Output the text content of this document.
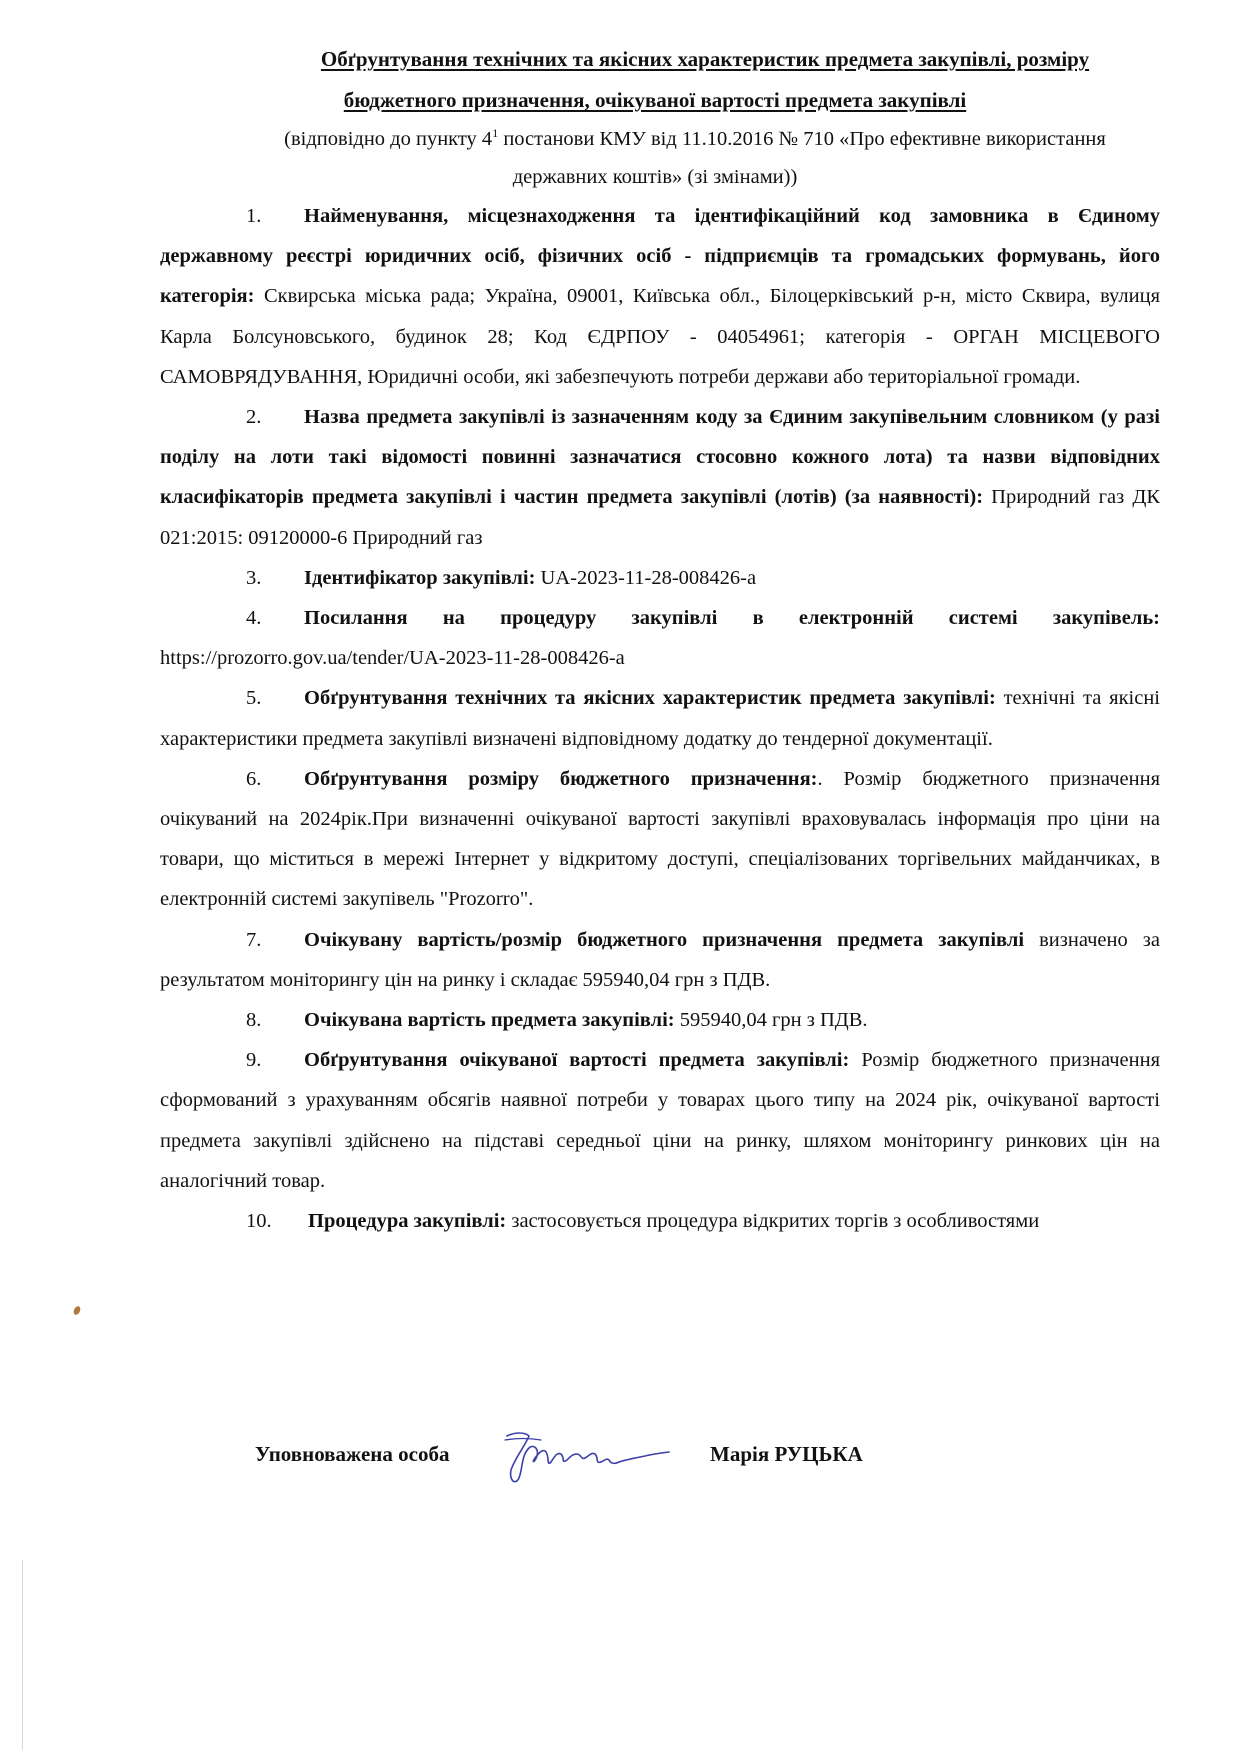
Обґрунтування технічних та якісних характеристик предмета закупівлі, розміру
бюджетного призначення, очікуваної вартості предмета закупівлі
(відповідно до пункту $4^1$ постанови КМУ від 11.10.2016 № 710 «Про ефективне використання
державних коштів» (зі змінами))

1. Найменування, місцезнаходження та ідентифікаційний код замовника в Єдиному державному реєстрі юридичних осіб, фізичних осіб - підприємців та громадських формувань, його категорія: Сквирська міська рада; Україна, 09001, Київська обл., Білоцерківський р-н, місто Сквира, вулиця Карла Болсуновського, будинок 28; Код ЄДРПОУ - 04054961; категорія - ОРГАН МІСЦЕВОГО САМОВРЯДУВАННЯ, Юридичні особи, які забезпечують потреби держави або територіальної громади.

2. Назва предмета закупівлі із зазначенням коду за Єдиним закупівельним словником (у разі поділу на лоти такі відомості повинні зазначатися стосовно кожного лота) та назви відповідних класифікаторів предмета закупівлі і частин предмета закупівлі (лотів) (за наявності): Природний газ ДК 021:2015: 09120000-6 Природний газ

3. Ідентифікатор закупівлі: UA-2023-11-28-008426-a

4. Посилання на процедуру закупівлі в електронній системі закупівель: https://prozorro.gov.ua/tender/UA-2023-11-28-008426-a

5. Обґрунтування технічних та якісних характеристик предмета закупівлі: технічні та якісні характеристики предмета закупівлі визначені відповідному додатку до тендерної документації.

6. Обґрунтування розміру бюджетного призначення:. Розмір бюджетного призначення очікуваний на 2024рік.При визначенні очікуваної вартості закупівлі враховувалась інформація про ціни на товари, що міститься в мережі Інтернет у відкритому доступі, спеціалізованих торгівельних майданчиках, в електронній системі закупівель "Prozorro".

7. Очікувану вартість/розмір бюджетного призначення предмета закупівлі визначено за результатом моніторингу цін на ринку і складає 595940,04 грн з ПДВ.

8. Очікувана вартість предмета закупівлі: 595940,04 грн з ПДВ.

9. Обґрунтування очікуваної вартості предмета закупівлі: Розмір бюджетного призначення сформований з урахуванням обсягів наявної потреби у товарах цього типу на 2024 рік, очікуваної вартості предмета закупівлі здійснено на підставі середньої ціни на ринку, шляхом моніторингу ринкових цін на аналогічний товар.

10. Процедура закупівлі: застосовується процедура відкритих торгів з особливостями

Уповноважена особа	Марія РУЦЬКА
